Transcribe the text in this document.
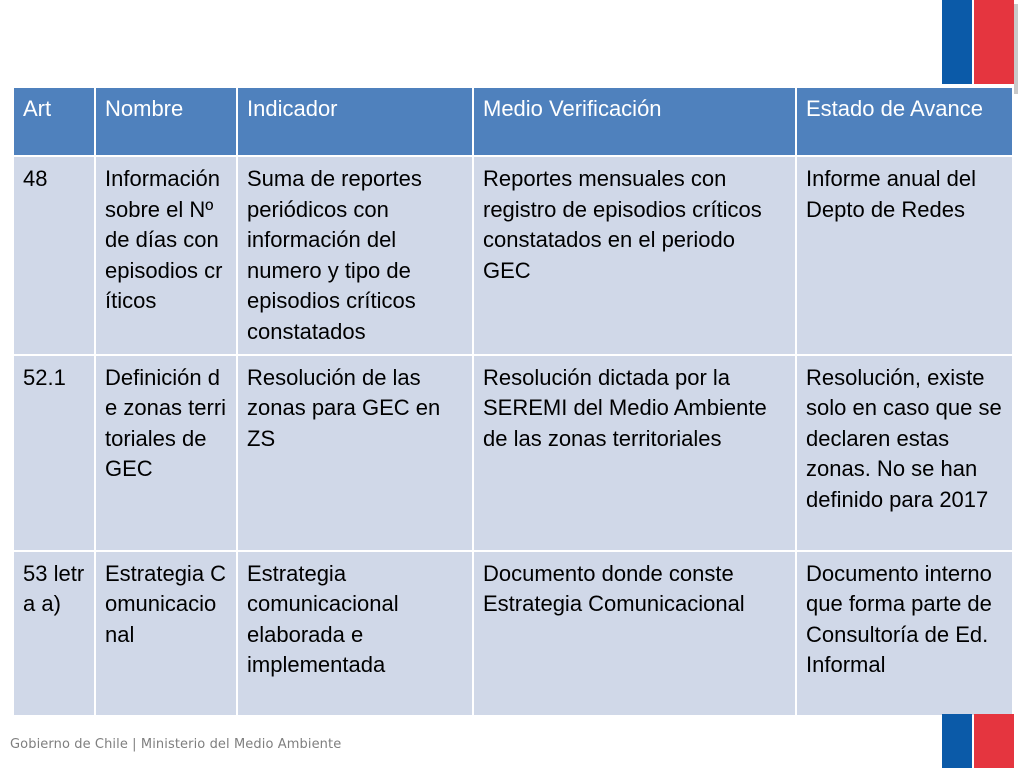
Art	Nombre	Indicador	Medio Verificación	Estado de Avance
48	Información sobre el Nº de días con episodios críticos	Suma de reportes periódicos con información del numero y tipo de episodios críticos constatados	Reportes mensuales con registro de episodios críticos constatados en el periodo GEC	Informe anual del Depto de Redes
52.1	Definición de zonas territoriales de GEC	Resolución de las zonas para GEC en ZS	Resolución dictada por la SEREMI del Medio Ambiente de las zonas territoriales	Resolución, existe solo en caso que se declaren estas zonas. No se han definido para 2017
53 letra a)	Estrategia Comunicacional	Estrategia comunicacional elaborada e implementada	Documento donde conste Estrategia Comunicacional	Documento interno que forma parte de Consultoría de Ed. Informal
Gobierno de Chile | Ministerio del Medio Ambiente
